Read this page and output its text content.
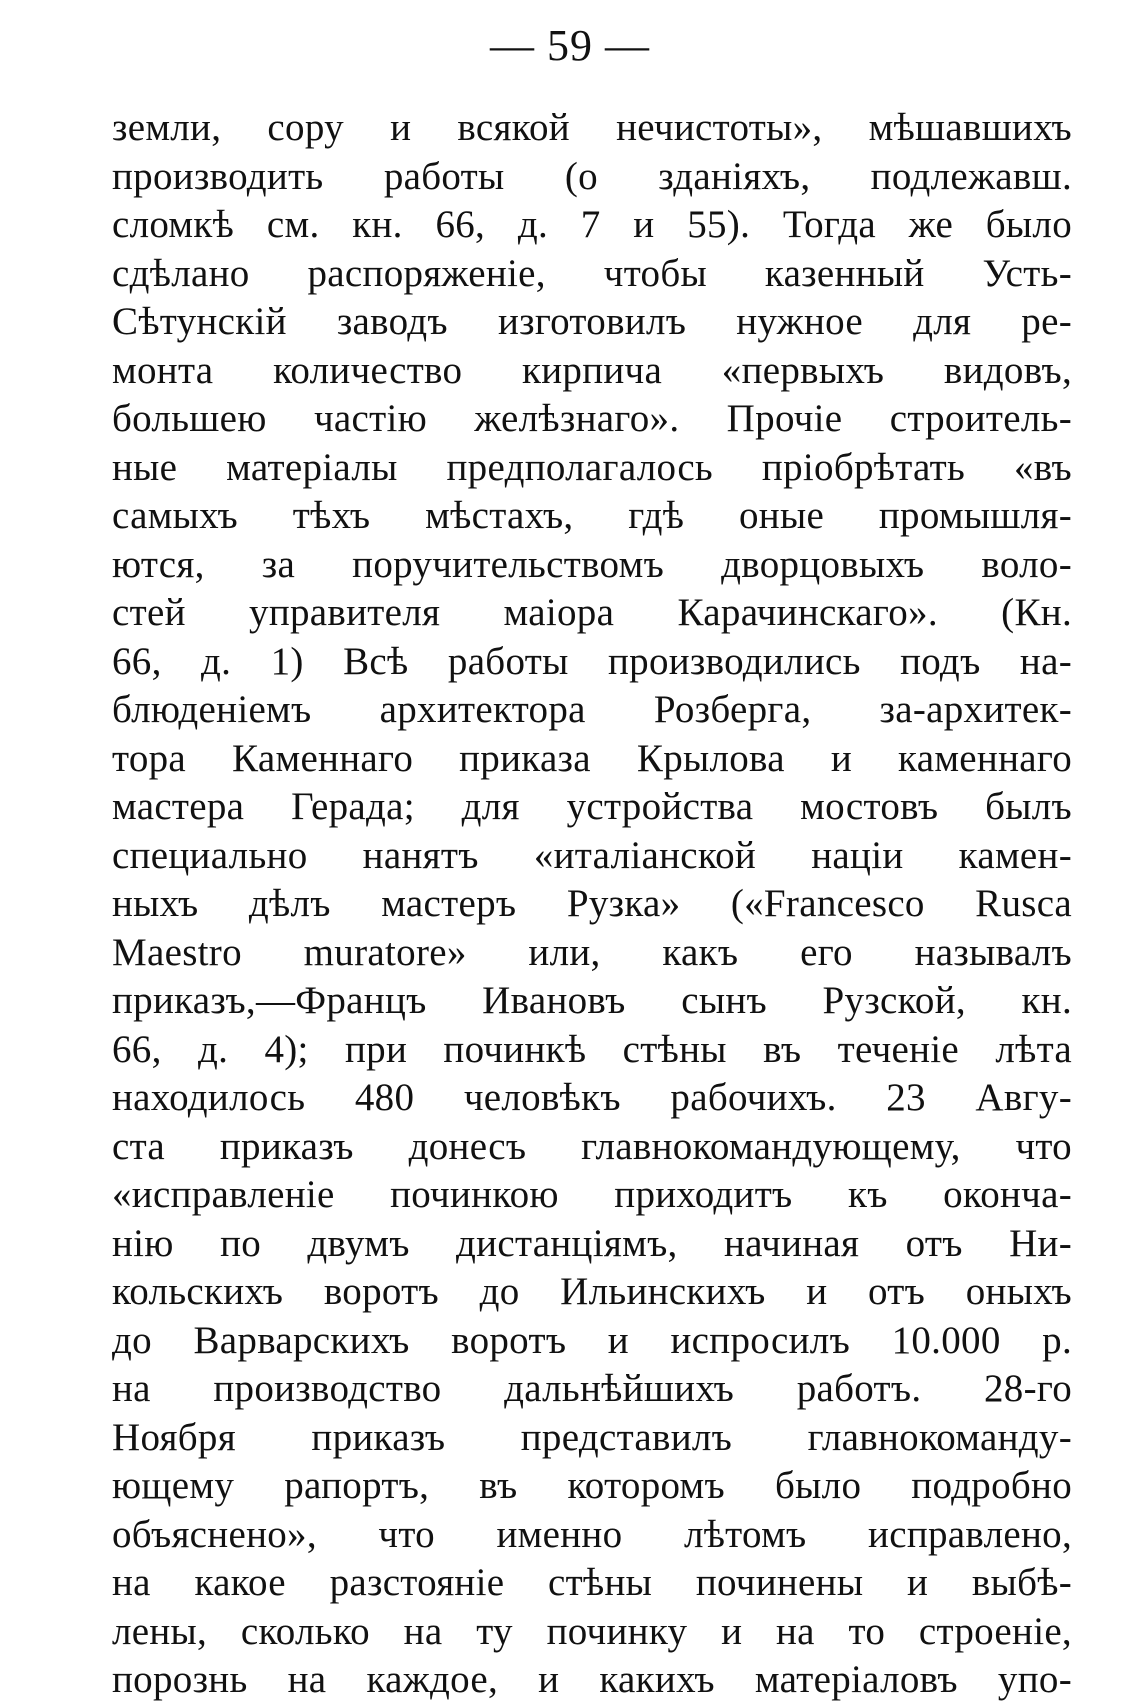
— 59 —
земли, сору и всякой нечистоты», мѣшавшихъ
производить работы (о зданiяхъ, подлежавш.
сломкѣ см. кн. 66, д. 7 и 55). Тогда же было
сдѣлано распоряженiе, чтобы казенный Усть-
Сѣтунскiй заводъ изготовилъ нужное для ре-
монта количество кирпича «первыхъ видовъ,
большею частiю желѣзнаго». Прочiе строитель-
ные матерiалы предполагалось прiобрѣтать «въ
самыхъ тѣхъ мѣстахъ, гдѣ оные промышля-
ются, за поручительствомъ дворцовыхъ воло-
стей управителя маiора Карачинскаго». (Кн.
66, д. 1) Всѣ работы производились подъ на-
блюденiемъ архитектора Розберга, за-архитек-
тора Каменнаго приказа Крылова и каменнаго
мастера Герада; для устройства мостовъ былъ
специально нанятъ «италiанской нацiи камен-
ныхъ дѣлъ мастеръ Рузка» («Francesco Rusca
Maestro muratore» или, какъ его называлъ
приказъ,—Францъ Ивановъ сынъ Рузской, кн.
66, д. 4); при починкѣ стѣны въ теченiе лѣта
находилось 480 человѣкъ рабочихъ. 23 Авгу-
ста приказъ донесъ главнокомандующему, что
«исправленiе починкою приходитъ къ оконча-
нiю по двумъ дистанцiямъ, начиная отъ Ни-
кольскихъ воротъ до Ильинскихъ и отъ оныхъ
до Варварскихъ воротъ и испросилъ 10.000 р.
на производство дальнѣйшихъ работъ. 28-го
Ноября приказъ представилъ главнокоманду-
ющему рапортъ, въ которомъ было подробно
объяснено», что именно лѣтомъ исправлено,
на какое разстоянiе стѣны починены и выбѣ-
лены, сколько на ту починку и на то строенiе,
порознь на каждое, и какихъ матерiаловъ упо-
